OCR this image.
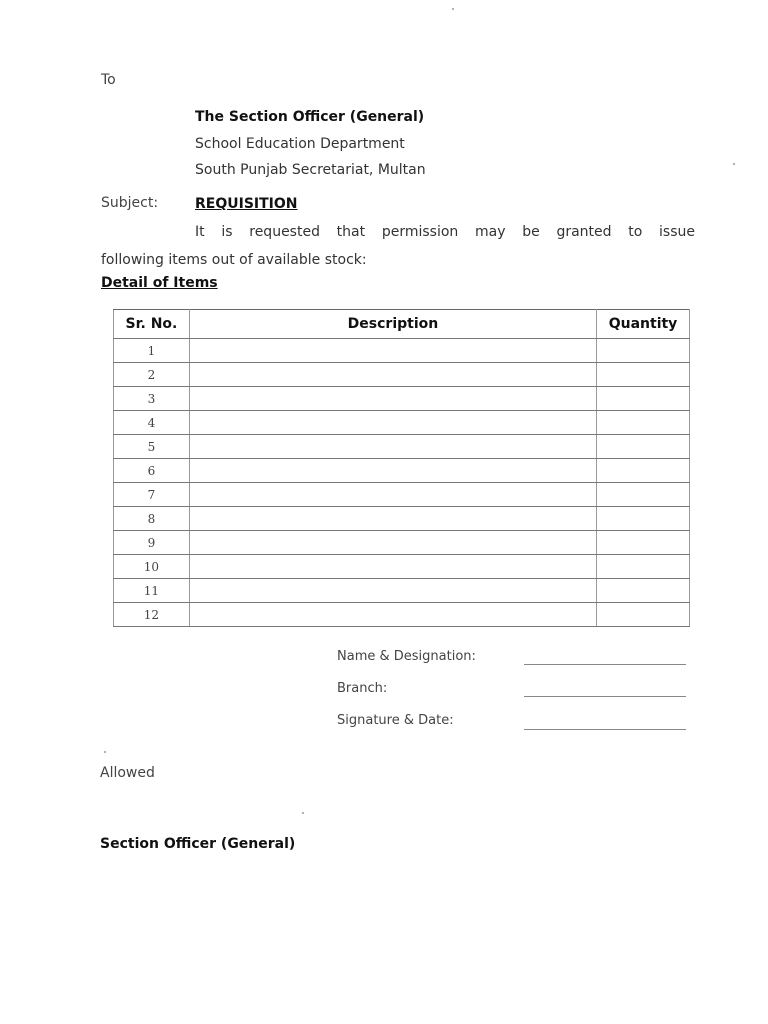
To
The Section Officer (General)
School Education Department
South Punjab Secretariat, Multan
Subject:	REQUISITION
It is requested that permission may be granted to issue
following items out of available stock:
Detail of Items
Sr. No.	Description	Quantity
1		
2		
3		
4		
5		
6		
7		
8		
9		
10		
11		
12		
Name & Designation:
Branch:
Signature & Date:
Allowed
Section Officer (General)
